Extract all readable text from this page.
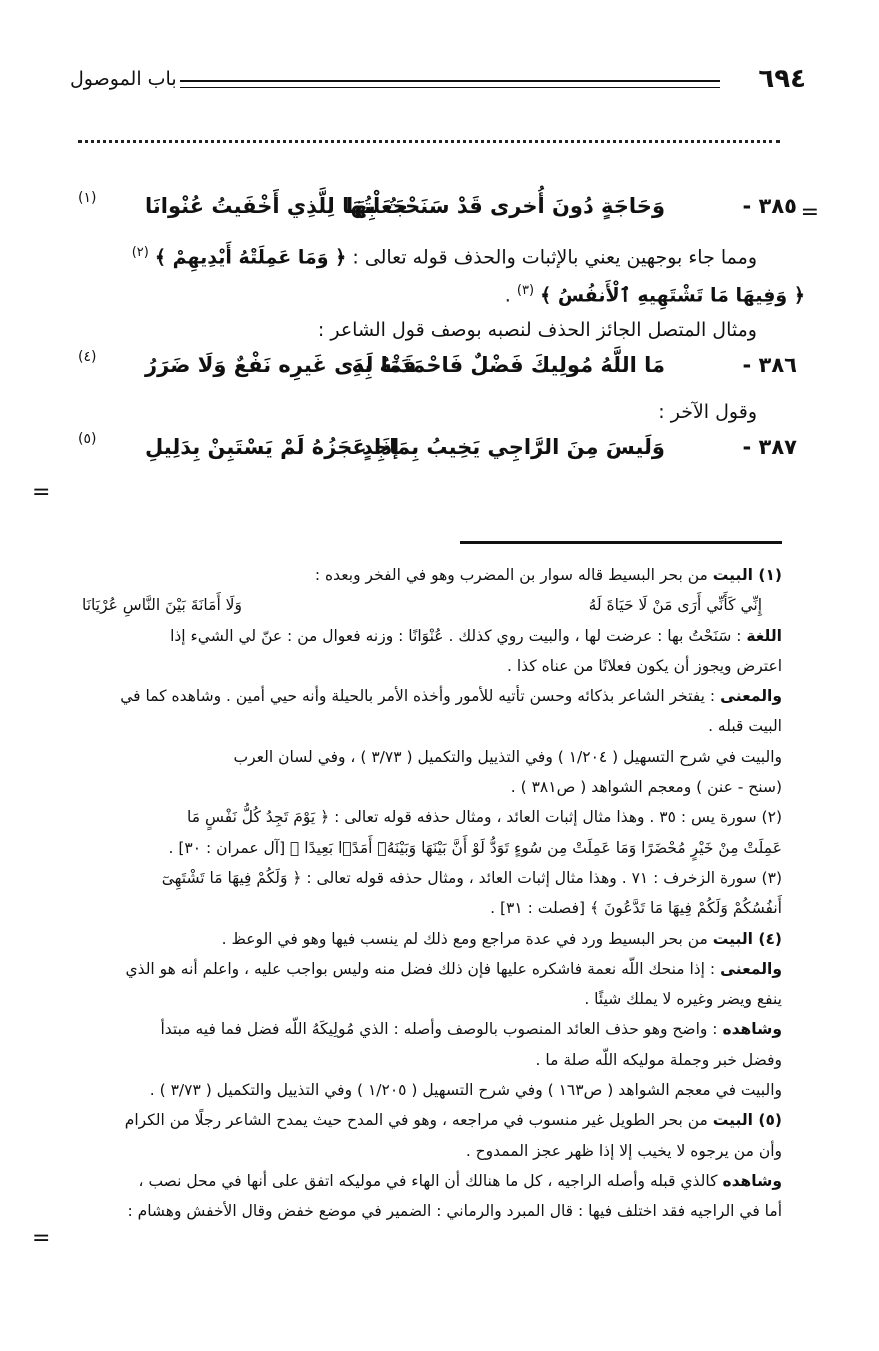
٦٩٤
باب الموصول
=
=
=
٣٨٥ -
وَحَاجَةٍ دُونَ أُخرى قَدْ سَنَحْتُ بِهَا
جَعَلْتُهَا لِلَّذِي أَخْفَيتُ عُنْوانَا
(١)
ومما جاء بوجهين يعني بالإثبات والحذف قوله تعالى : ﴿ وَمَا عَمِلَتْهُ أَيْدِيهِمْ ﴾ $^{(٢)}$
﴿ وَفِيهَا مَا تَشْتَهِيهِ ٱلْأَنفُسُ ﴾ $^{(٣)}$ .
ومثال المتصل الجائز الحذف لنصبه بوصف قول الشاعر :
٣٨٦ -
مَا اللَّهُ مُولِيكَ فَضْلٌ فَاحْمَدَنْهُ بِهِ
فَمَا لَدَى غَيرِه نَفْعٌ وَلَا ضَرَرُ
(٤)
وقول الآخر :
٣٨٧ -
وَلَيسَ مِنَ الرَّاجِي يَخِيبُ بِمَاجِدٍ
إذَا عَجَزُهُ لَمْ يَسْتَبِنْ بِدَلِيلِ
(٥)
(١) البيت من بحر البسيط قاله سوار بن المضرب وهو في الفخر وبعده :
إِنِّي كَأَنِّي أَرَى مَنْ لَا حَيَاةَ لَهُ
وَلَا أَمَانَةَ بَيْنَ النَّاسِ عُرْيَانَا
اللغة : سَنَحْتُ بها : عرضت لها ، والبيت روي كذلك . عُنْوَانًا : وزنه فعوال من : عنّ لي الشيء إذا
اعترض ويجوز أن يكون فعلانًا من عناه كذا .
والمعنى : يفتخر الشاعر بذكائه وحسن تأتيه للأمور وأخذه الأمر بالحيلة وأنه حيي أمين . وشاهده كما في
البيت قبله .
والبيت في شرح التسهيل ( ١/٢٠٤ ) وفي التذييل والتكميل ( ٣/٧٣ ) ، وفي لسان العرب
(سنح - عنن ) ومعجم الشواهد ( ص٣٨١ ) .
(٢) سورة يس : ٣٥ . وهذا مثال إثبات العائد ، ومثال حذفه قوله تعالى : ﴿ يَوْمَ تَجِدُ كُلُّ نَفْسٍ مَا
عَمِلَتْ مِنْ خَيْرٍ مُحْضَرًا وَمَا عَمِلَتْ مِن سُوءٍ تَوَدُّ لَوْ أَنَّ بَيْنَهَا وَبَيْنَهُۥٓ أَمَدًۢا بَعِيدًا ﴾ [آل عمران : ٣٠] .
(٣) سورة الزخرف : ٧١ . وهذا مثال إثبات العائد ، ومثال حذفه قوله تعالى : ﴿ وَلَكُمْ فِيهَا مَا تَشْتَهِىٓ
أَنفُسُكُمْ وَلَكُمْ فِيهَا مَا تَدَّعُونَ ﴾ [فصلت : ٣١] .
(٤) البيت من بحر البسيط ورد في عدة مراجع ومع ذلك لم ينسب فيها وهو في الوعظ .
والمعنى : إذا منحك اللّه نعمة فاشكره عليها فإن ذلك فضل منه وليس بواجب عليه ، واعلم أنه هو الذي
ينفع ويضر وغيره لا يملك شيئًا .
وشاهده : واضح وهو حذف العائد المنصوب بالوصف وأصله : الذي مُولِيكَهُ اللّه فضل فما فيه مبتدأ
وفضل خبر وجملة موليكه اللّه صلة ما .
والبيت في معجم الشواهد ( ص١٦٣ ) وفي شرح التسهيل ( ١/٢٠٥ ) وفي التذييل والتكميل ( ٣/٧٣ ) .
(٥) البيت من بحر الطويل غير منسوب في مراجعه ، وهو في المدح حيث يمدح الشاعر رجلًا من الكرام
وأن من يرجوه لا يخيب إلا إذا ظهر عجز الممدوح .
وشاهده كالذي قبله وأصله الراجيه ، كل ما هنالك أن الهاء في موليكه اتفق على أنها في محل نصب ،
أما في الراجيه فقد اختلف فيها : قال المبرد والرماني : الضمير في موضع خفض وقال الأخفش وهشام :
